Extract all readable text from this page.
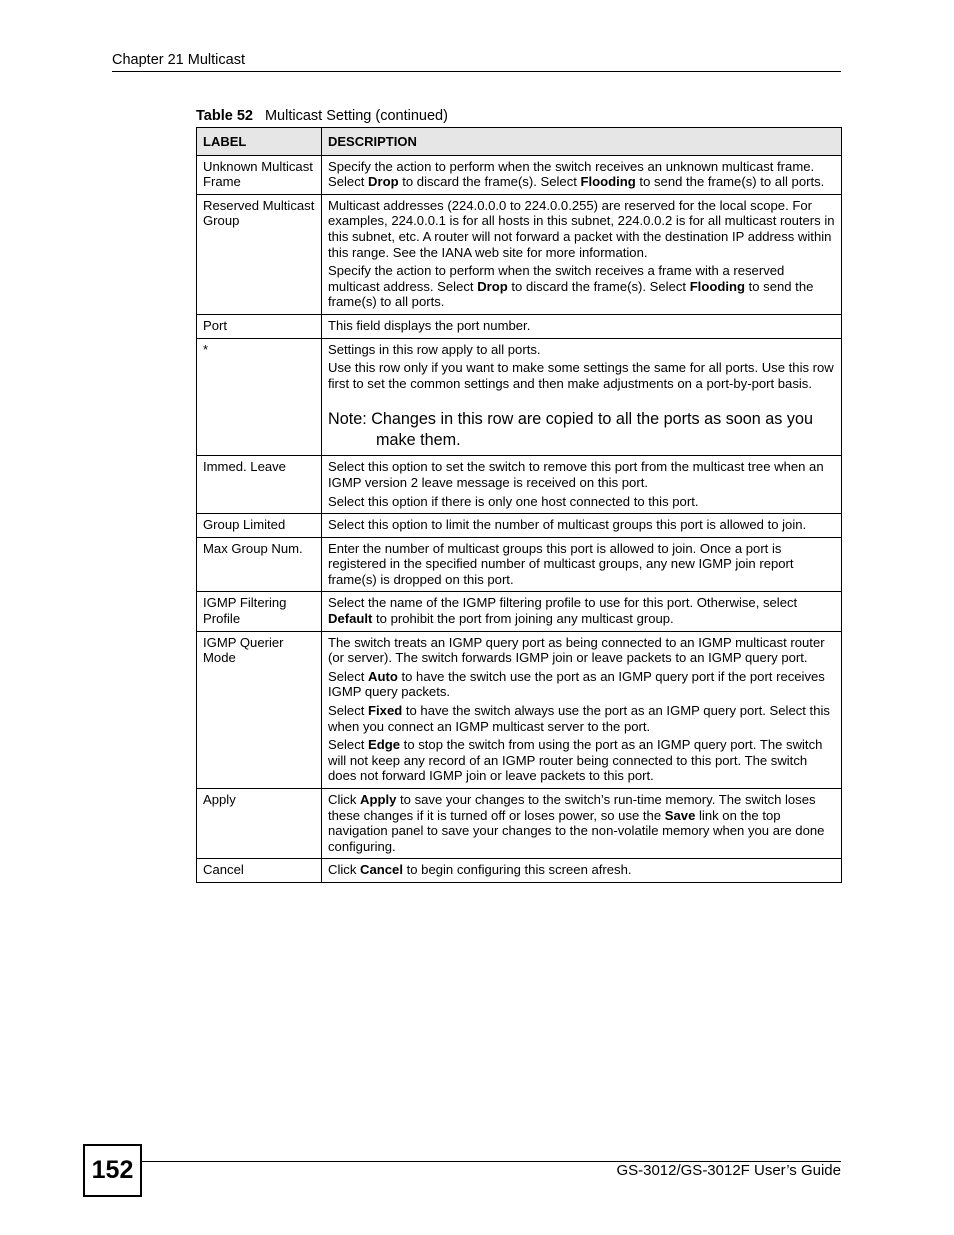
Chapter 21 Multicast
Table 52 Multicast Setting (continued)
LABEL	DESCRIPTION
Unknown Multicast Frame	Specify the action to perform when the switch receives an unknown multicast frame. Select Drop to discard the frame(s). Select Flooding to send the frame(s) to all ports.

Reserved Multicast Group	Multicast addresses (224.0.0.0 to 224.0.0.255) are reserved for the local scope. For examples, 224.0.0.1 is for all hosts in this subnet, 224.0.0.2 is for all multicast routers in this subnet, etc. A router will not forward a packet with the destination IP address within this range. See the IANA web site for more information.

Specify the action to perform when the switch receives a frame with a reserved multicast address. Select Drop to discard the frame(s). Select Flooding to send the frame(s) to all ports.

Port	This field displays the port number.

*	Settings in this row apply to all ports.

Use this row only if you want to make some settings the same for all ports. Use this row first to set the common settings and then make adjustments on a port-by-port basis.

Note: Changes in this row are copied to all the ports as soon as you make them.

Immed. Leave	Select this option to set the switch to remove this port from the multicast tree when an IGMP version 2 leave message is received on this port.

Select this option if there is only one host connected to this port.

Group Limited	Select this option to limit the number of multicast groups this port is allowed to join.

Max Group Num.	Enter the number of multicast groups this port is allowed to join. Once a port is registered in the specified number of multicast groups, any new IGMP join report frame(s) is dropped on this port.

IGMP Filtering Profile	Select the name of the IGMP filtering profile to use for this port. Otherwise, select Default to prohibit the port from joining any multicast group.

IGMP Querier Mode	The switch treats an IGMP query port as being connected to an IGMP multicast router (or server). The switch forwards IGMP join or leave packets to an IGMP query port.

Select Auto to have the switch use the port as an IGMP query port if the port receives IGMP query packets.

Select Fixed to have the switch always use the port as an IGMP query port. Select this when you connect an IGMP multicast server to the port.

Select Edge to stop the switch from using the port as an IGMP query port. The switch will not keep any record of an IGMP router being connected to this port. The switch does not forward IGMP join or leave packets to this port.

Apply	Click Apply to save your changes to the switch’s run-time memory. The switch loses these changes if it is turned off or loses power, so use the Save link on the top navigation panel to save your changes to the non-volatile memory when you are done configuring.

Cancel	Click Cancel to begin configuring this screen afresh.

152	GS-3012/GS-3012F User’s Guide
